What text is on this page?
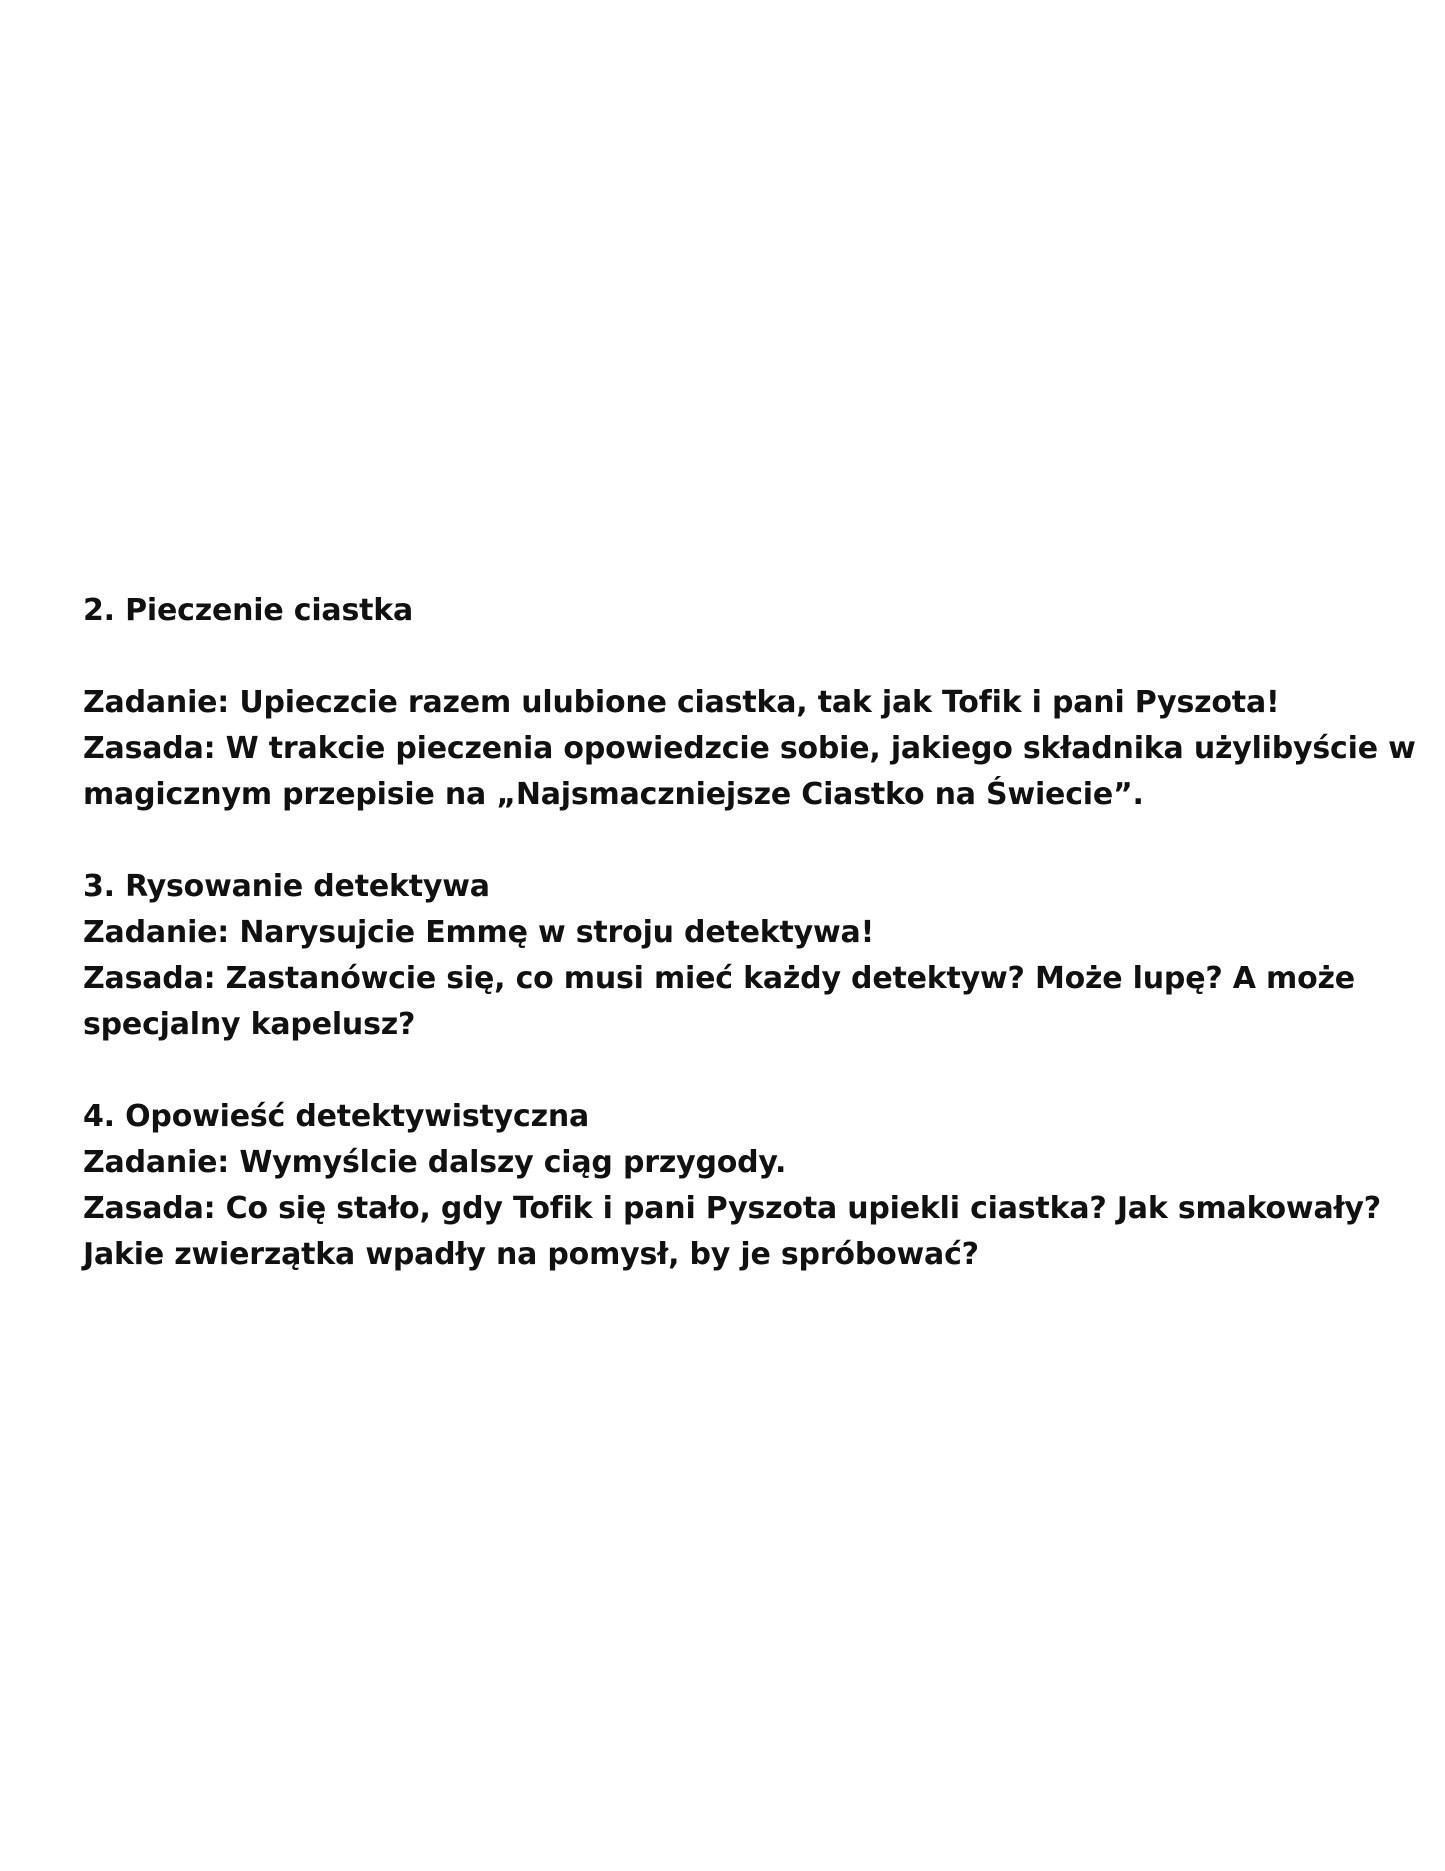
2. Pieczenie ciastka
Zadanie: Upieczcie razem ulubione ciastka, tak jak Tofik i pani Pyszota!
Zasada: W trakcie pieczenia opowiedzcie sobie, jakiego składnika użylibyście w
magicznym przepisie na „Najsmaczniejsze Ciastko na Świecie”.
3. Rysowanie detektywa
Zadanie: Narysujcie Emmę w stroju detektywa!
Zasada: Zastanówcie się, co musi mieć każdy detektyw? Może lupę? A może
specjalny kapelusz?
4. Opowieść detektywistyczna
Zadanie: Wymyślcie dalszy ciąg przygody.
Zasada: Co się stało, gdy Tofik i pani Pyszota upiekli ciastka? Jak smakowały?
Jakie zwierzątka wpadły na pomysł, by je spróbować?
